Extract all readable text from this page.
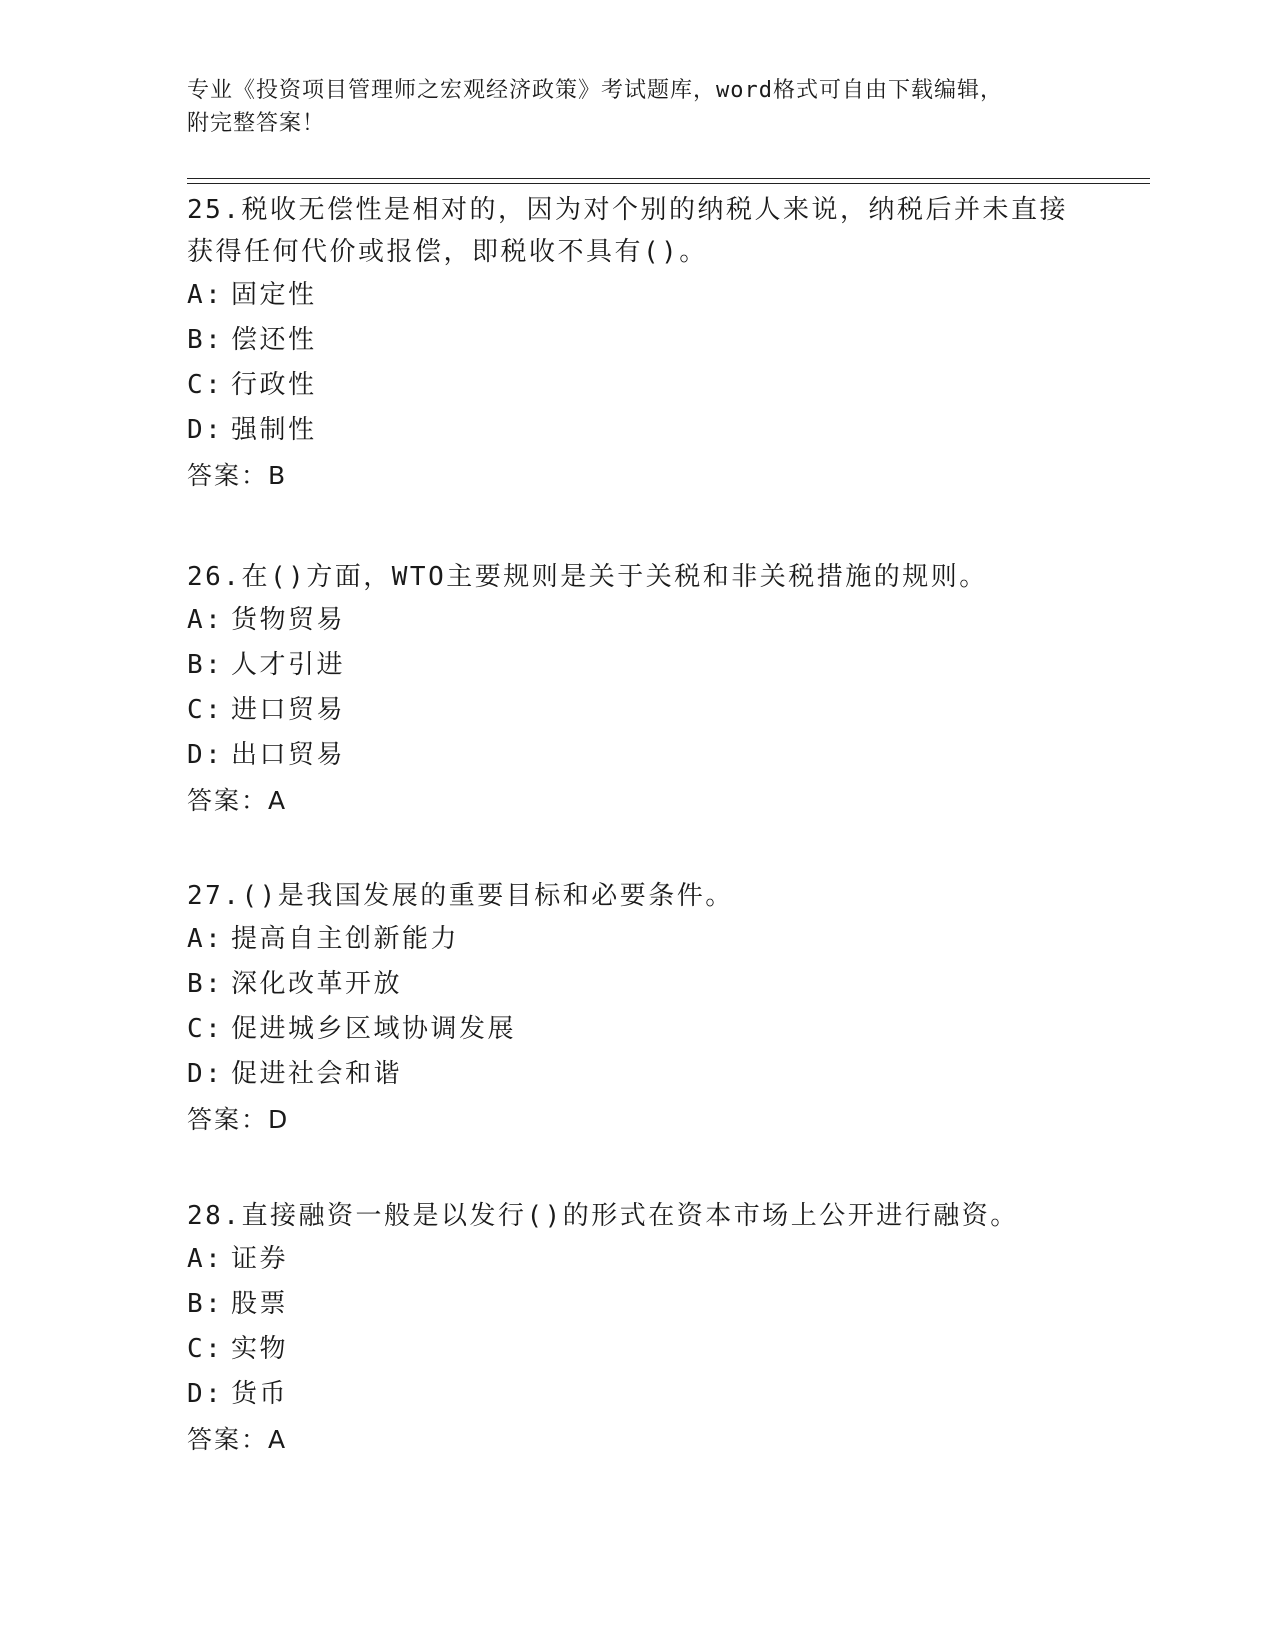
专业《投资项目管理师之宏观经济政策》考试题库，word格式可自由下载编辑，
附完整答案！
25.税收无偿性是相对的，因为对个别的纳税人来说，纳税后并未直接
获得任何代价或报偿，即税收不具有()。
A: 固定性
B: 偿还性
C: 行政性
D: 强制性
答案：B
26.在()方面，WTO主要规则是关于关税和非关税措施的规则。
A: 货物贸易
B: 人才引进
C: 进口贸易
D: 出口贸易
答案：A
27.()是我国发展的重要目标和必要条件。
A: 提高自主创新能力
B: 深化改革开放
C: 促进城乡区域协调发展
D: 促进社会和谐
答案：D
28.直接融资一般是以发行()的形式在资本市场上公开进行融资。
A: 证券
B: 股票
C: 实物
D: 货币
答案：A
